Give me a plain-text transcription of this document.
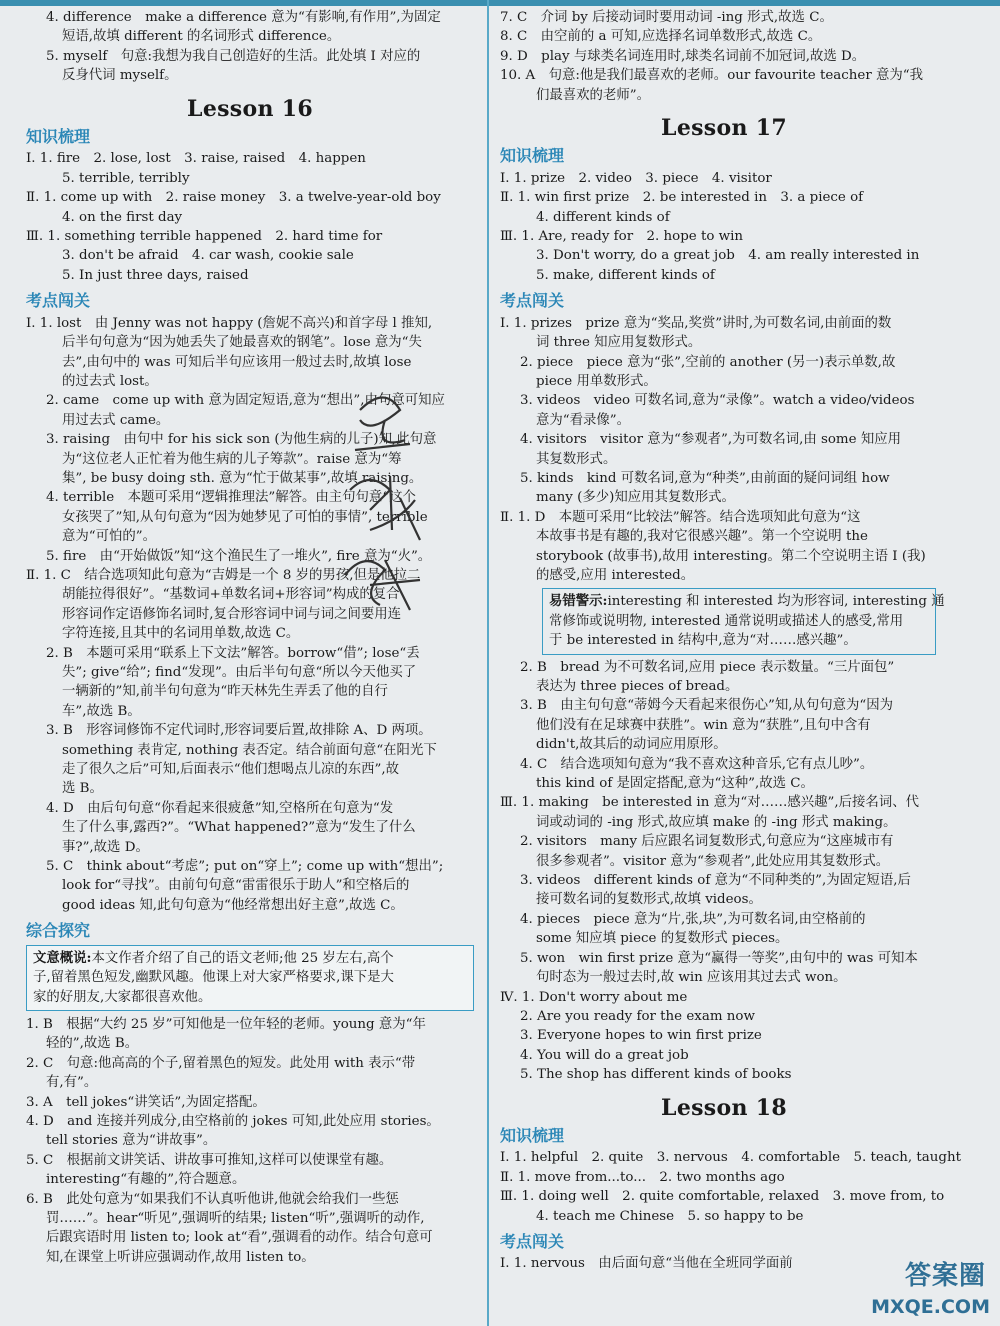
4. difference　make a difference 意为“有影响,有作用”,为固定
短语,故填 different 的名词形式 difference。
5. myself　句意:我想为我自己创造好的生活。此处填 I 对应的
反身代词 myself。
Lesson 16
知识梳理
Ⅰ. 1. fire　2. lose, lost　3. raise, raised　4. happen
5. terrible, terribly
Ⅱ. 1. come up with　2. raise money　3. a twelve-year-old boy
4. on the first day
Ⅲ. 1. something terrible happened　2. hard time for
3. don't be afraid　4. car wash, cookie sale
5. In just three days, raised
考点闯关
Ⅰ. 1. lost　由 Jenny was not happy (詹妮不高兴)和首字母 l 推知,
后半句句意为“因为她丢失了她最喜欢的钢笔”。lose 意为“失
去”,由句中的 was 可知后半句应该用一般过去时,故填 lose
的过去式 lost。
2. came　come up with 意为固定短语,意为“想出”,由句意可知应
用过去式 came。
3. raising　由句中 for his sick son (为他生病的儿子)知,此句意
为“这位老人正忙着为他生病的儿子筹款”。raise 意为“筹
集”, be busy doing sth. 意为“忙于做某事”,故填 raising。
4. terrible　本题可采用“逻辑推理法”解答。由主句句意“这个
女孩哭了”知,从句句意为“因为她梦见了可怕的事情”, terrible
意为“可怕的”。
5. fire　由“开始做饭”知“这个渔民生了一堆火”, fire 意为“火”。
Ⅱ. 1. C　结合选项知此句意为“吉姆是一个 8 岁的男孩,但是他拉二
胡能拉得很好”。“基数词+单数名词+形容词”构成的复合
形容词作定语修饰名词时,复合形容词中词与词之间要用连
字符连接,且其中的名词用单数,故选 C。
2. B　本题可采用“联系上下文法”解答。borrow“借”; lose“丢
失”; give“给”; find“发现”。由后半句句意“所以今天他买了
一辆新的”知,前半句句意为“昨天林先生弄丢了他的自行
车”,故选 B。
3. B　形容词修饰不定代词时,形容词要后置,故排除 A、D 两项。
something 表肯定, nothing 表否定。结合前面句意“在阳光下
走了很久之后”可知,后面表示“他们想喝点儿凉的东西”,故
选 B。
4. D　由后句句意“你看起来很疲惫”知,空格所在句意为“发
生了什么事,露西?”。“What happened?”意为“发生了什么
事?”,故选 D。
5. C　think about“考虑”; put on“穿上”; come up with“想出”;
look for“寻找”。由前句句意“雷雷很乐于助人”和空格后的
good ideas 知,此句句意为“他经常想出好主意”,故选 C。
综合探究
文意概说:本文作者介绍了自己的语文老师;他 25 岁左右,高个
子,留着黑色短发,幽默风趣。他课上对大家严格要求,课下是大
家的好朋友,大家都很喜欢他。
1. B　根据“大约 25 岁”可知他是一位年轻的老师。young 意为“年
轻的”,故选 B。
2. C　句意:他高高的个子,留着黑色的短发。此处用 with 表示“带
有,有”。
3. A　tell jokes“讲笑话”,为固定搭配。
4. D　and 连接并列成分,由空格前的 jokes 可知,此处应用 stories。
tell stories 意为“讲故事”。
5. C　根据前文讲笑话、讲故事可推知,这样可以使课堂有趣。
interesting“有趣的”,符合题意。
6. B　此处句意为“如果我们不认真听他讲,他就会给我们一些惩
罚……”。hear“听见”,强调听的结果; listen“听”,强调听的动作,
后跟宾语时用 listen to; look at“看”,强调看的动作。结合句意可
知,在课堂上听讲应强调动作,故用 listen to。
7. C　介词 by 后接动词时要用动词 -ing 形式,故选 C。
8. C　由空前的 a 可知,应选择名词单数形式,故选 C。
9. D　play 与球类名词连用时,球类名词前不加冠词,故选 D。
10. A　句意:他是我们最喜欢的老师。our favourite teacher 意为“我
们最喜欢的老师”。
Lesson 17
知识梳理
Ⅰ. 1. prize　2. video　3. piece　4. visitor
Ⅱ. 1. win first prize　2. be interested in　3. a piece of
4. different kinds of
Ⅲ. 1. Are, ready for　2. hope to win
3. Don't worry, do a great job　4. am really interested in
5. make, different kinds of
考点闯关
Ⅰ. 1. prizes　prize 意为“奖品,奖赏”讲时,为可数名词,由前面的数
词 three 知应用复数形式。
2. piece　piece 意为“张”,空前的 another (另一)表示单数,故
piece 用单数形式。
3. videos　video 可数名词,意为“录像”。watch a video/videos
意为“看录像”。
4. visitors　visitor 意为“参观者”,为可数名词,由 some 知应用
其复数形式。
5. kinds　kind 可数名词,意为“种类”,由前面的疑问词组 how
many (多少)知应用其复数形式。
Ⅱ. 1. D　本题可采用“比较法”解答。结合选项知此句意为“这
本故事书是有趣的,我对它很感兴趣”。第一个空说明 the
storybook (故事书),故用 interesting。第二个空说明主语 I (我)
的感受,应用 interested。
易错警示:interesting 和 interested 均为形容词, interesting 通
常修饰或说明物, interested 通常说明或描述人的感受,常用
于 be interested in 结构中,意为“对……感兴趣”。
2. B　bread 为不可数名词,应用 piece 表示数量。“三片面包”
表达为 three pieces of bread。
3. B　由主句句意“蒂姆今天看起来很伤心”知,从句句意为“因为
他们没有在足球赛中获胜”。win 意为“获胜”,且句中含有
didn't,故其后的动词应用原形。
4. C　结合选项知句意为“我不喜欢这种音乐,它有点儿吵”。
this kind of 是固定搭配,意为“这种”,故选 C。
Ⅲ. 1. making　be interested in 意为“对……感兴趣”,后接名词、代
词或动词的 -ing 形式,故应填 make 的 -ing 形式 making。
2. visitors　many 后应跟名词复数形式,句意应为“这座城市有
很多参观者”。visitor 意为“参观者”,此处应用其复数形式。
3. videos　different kinds of 意为“不同种类的”,为固定短语,后
接可数名词的复数形式,故填 videos。
4. pieces　piece 意为“片,张,块”,为可数名词,由空格前的
some 知应填 piece 的复数形式 pieces。
5. won　win first prize 意为“赢得一等奖”,由句中的 was 可知本
句时态为一般过去时,故 win 应该用其过去式 won。
Ⅳ. 1. Don't worry about me
2. Are you ready for the exam now
3. Everyone hopes to win first prize
4. You will do a great job
5. The shop has different kinds of books
Lesson 18
知识梳理
Ⅰ. 1. helpful　2. quite　3. nervous　4. comfortable　5. teach, taught
Ⅱ. 1. move from...to...　2. two months ago
Ⅲ. 1. doing well　2. quite comfortable, relaxed　3. move from, to
4. teach me Chinese　5. so happy to be
考点闯关
Ⅰ. 1. nervous　由后面句意“当他在全班同学面前	答案圈
MXQE.COM
